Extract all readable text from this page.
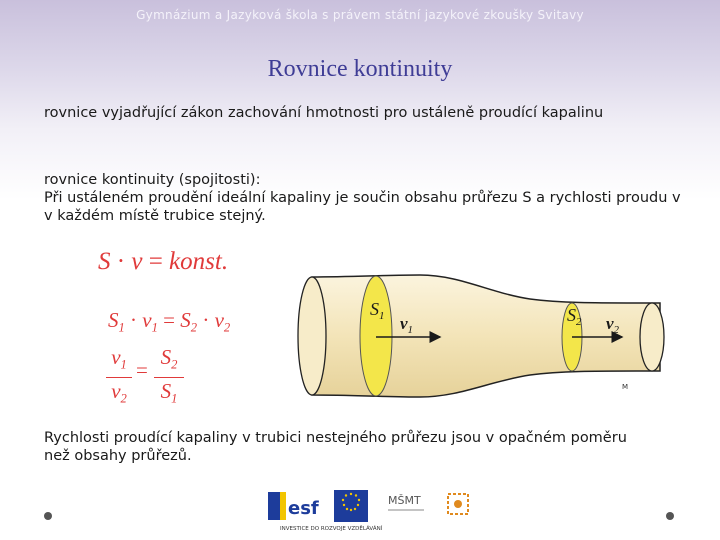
Gymnázium a Jazyková škola s právem státní jazykové zkoušky Svitavy
Rovnice kontinuity
rovnice vyjadřující zákon zachování hmotnosti pro ustáleně proudící kapalinu
rovnice kontinuity (spojitosti):
Při ustáleném proudění ideální kapaliny je součin obsahu průřezu S a rychlosti proudu v v každém místě trubice stejný.
S · v = konst.
$S_1 \cdot v_1 = S_2 \cdot v_2$
$v_1$
$v_2$
=
$S_2$
$S_1$
$S_1$ $v_1$
$S_2$ $v_2$
M
Rychlosti proudící kapaliny v trubici nestejného průřezu jsou v opačném poměru než obsahy průřezů.
esf	MŠMT
INVESTICE DO ROZVOJE VZDĚLÁVÁNÍ
